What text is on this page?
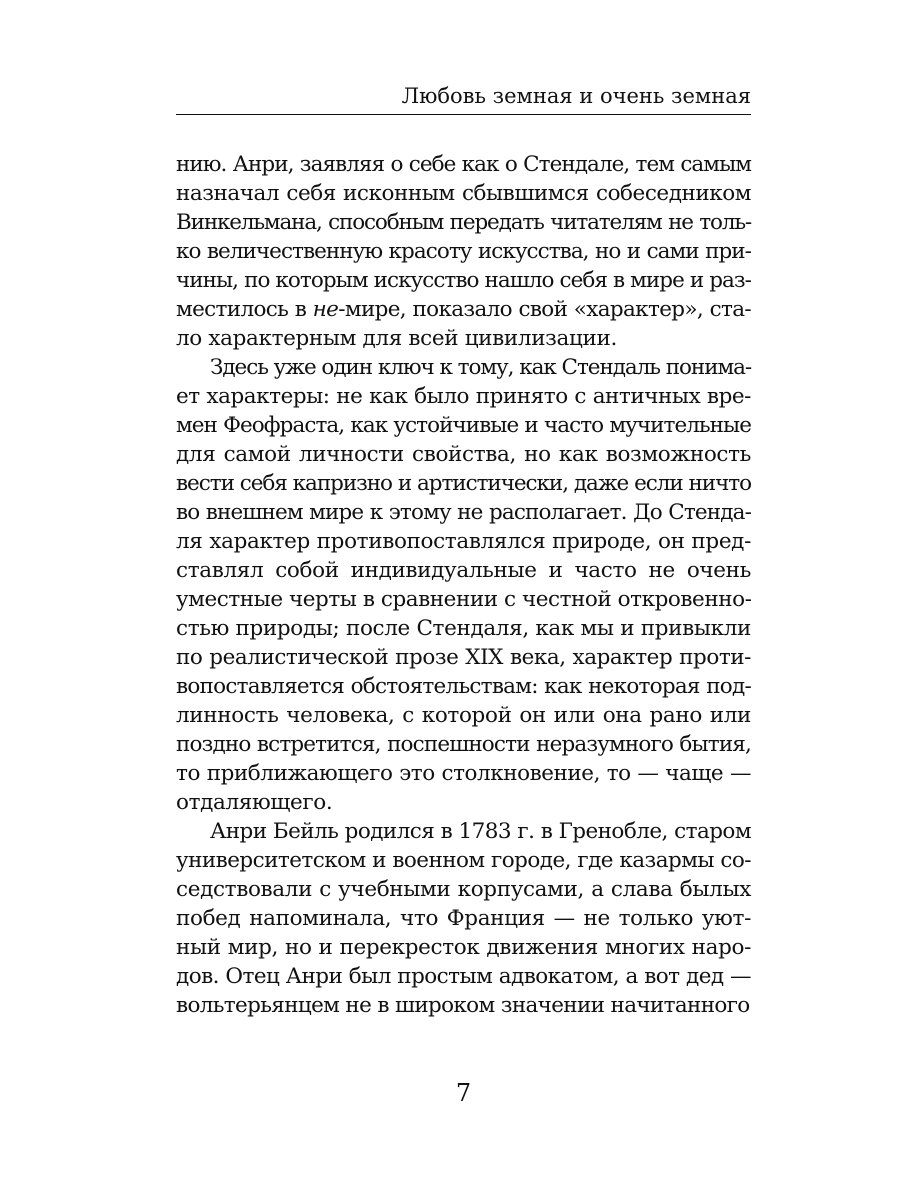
Любовь земная и очень земная
нию. Анри, заявляя о себе как о Стендале, тем самым
назначал себя исконным сбывшимся собеседником
Винкельмана, способным передать читателям не толь-
ко величественную красоту искусства, но и сами при-
чины, по которым искусство нашло себя в мире и раз-
местилось в не-мире, показало свой «характер», ста-
ло характерным для всей цивилизации.
Здесь уже один ключ к тому, как Стендаль понима-
ет характеры: не как было принято с античных вре-
мен Феофраста, как устойчивые и часто мучительные
для самой личности свойства, но как возможность
вести себя капризно и артистически, даже если ничто
во внешнем мире к этому не располагает. До Стенда-
ля характер противопоставлялся природе, он пред-
ставлял собой индивидуальные и часто не очень
уместные черты в сравнении с честной откровенно-
стью природы; после Стендаля, как мы и привыкли
по реалистической прозе XIX века, характер проти-
вопоставляется обстоятельствам: как некоторая под-
линность человека, с которой он или она рано или
поздно встретится, поспешности неразумного бытия,
то приближающего это столкновение, то — чаще —
отдаляющего.
Анри Бейль родился в 1783 г. в Гренобле, старом
университетском и военном городе, где казармы со-
седствовали с учебными корпусами, а слава былых
побед напоминала, что Франция — не только уют-
ный мир, но и перекресток движения многих наро-
дов. Отец Анри был простым адвокатом, а вот дед —
вольтерьянцем не в широком значении начитанного
7
